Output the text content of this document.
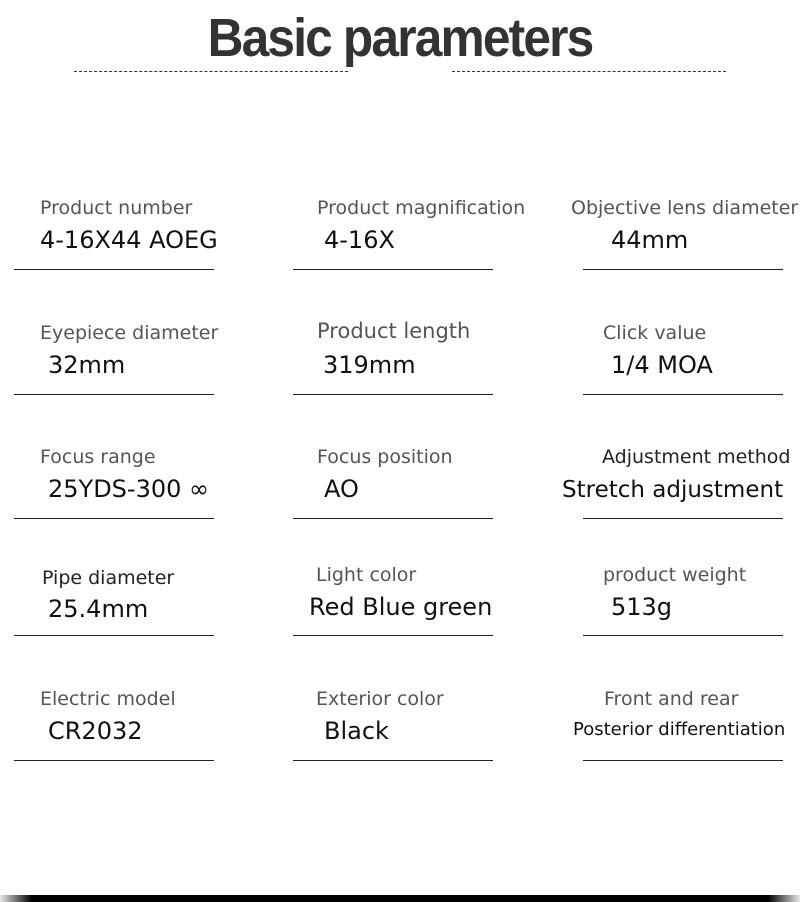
Basic parameters
Product number
4-16X44 AOEG
Product magnification
4-16X
Objective lens diameter
44mm
Eyepiece diameter
32mm
Product length
319mm
Click value
1/4 MOA
Focus range
25YDS-300 ∞
Focus position
AO
Adjustment method
Stretch adjustment
Pipe diameter
25.4mm
Light color
Red Blue green
product weight
513g
Electric model
CR2032
Exterior color
Black
Front and rear
Posterior differentiation
